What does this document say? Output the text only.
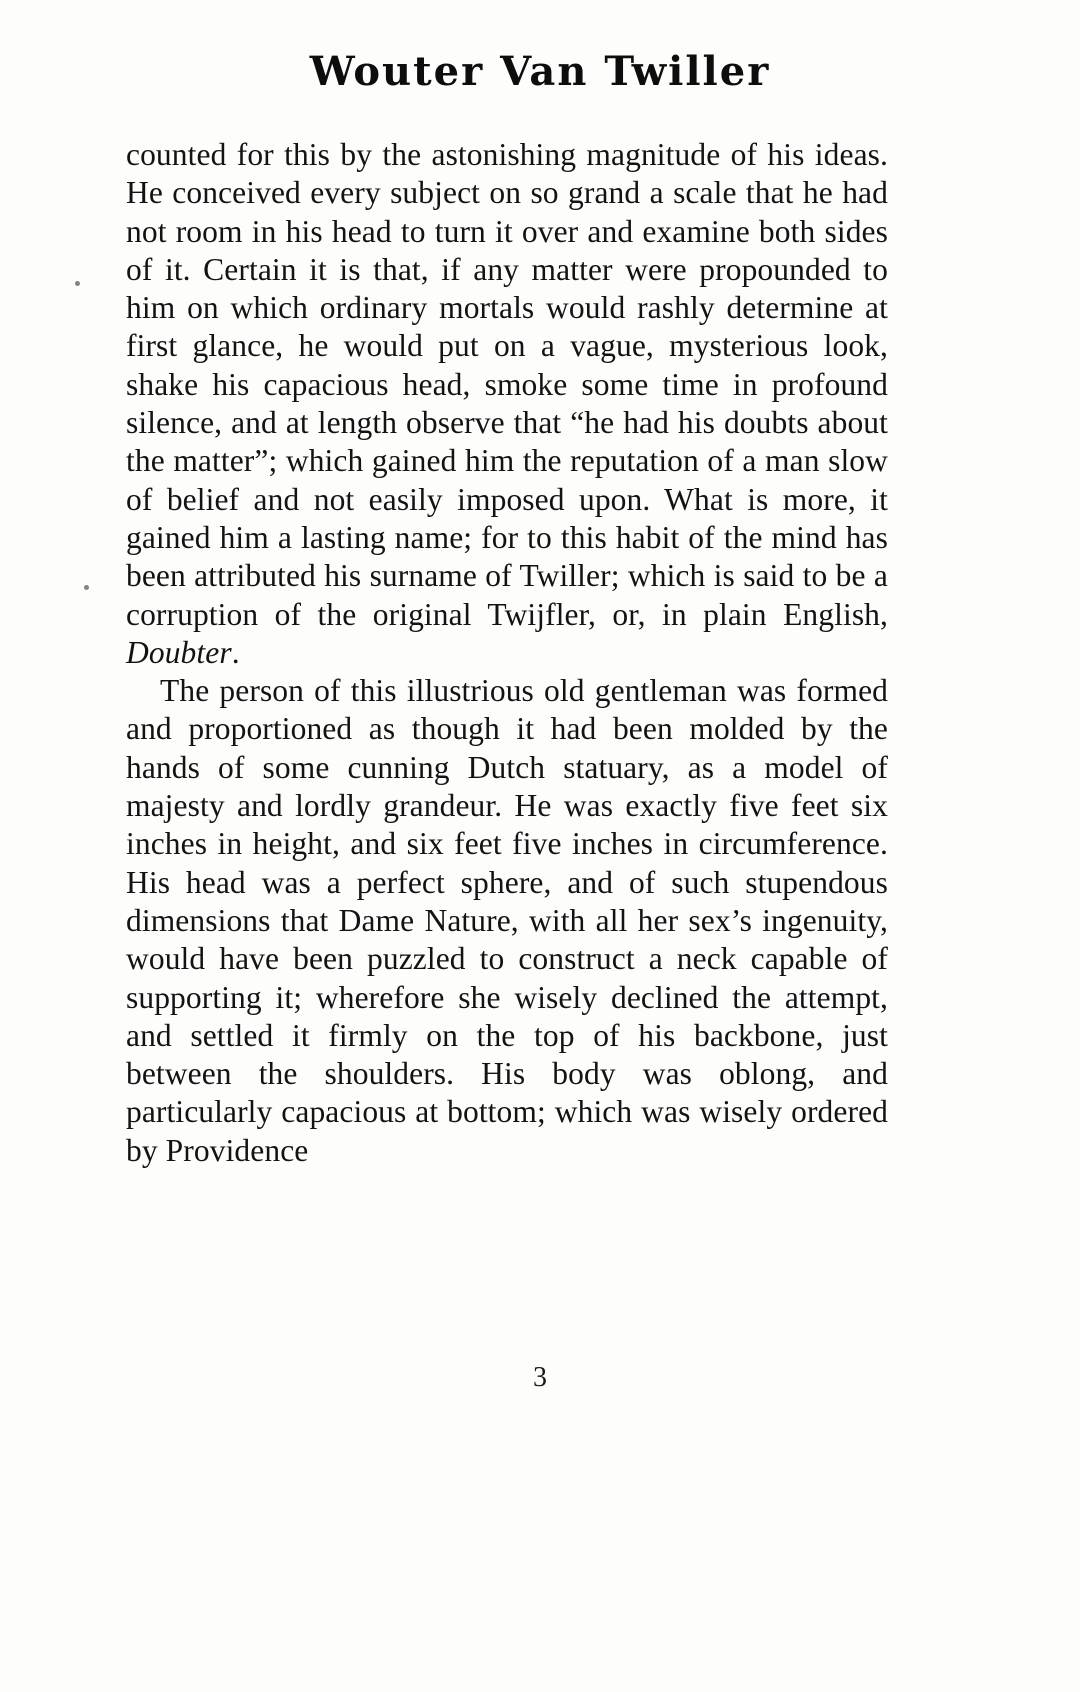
Wouter Van Twiller

counted for this by the astonishing magnitude of his ideas. He conceived every subject on so grand a scale that he had not room in his head to turn it over and examine both sides of it. Certain it is that, if any matter were propounded to him on which ordinary mortals would rashly determine at first glance, he would put on a vague, mysterious look, shake his capacious head, smoke some time in profound silence, and at length observe that “he had his doubts about the matter”; which gained him the reputation of a man slow of belief and not easily imposed upon. What is more, it gained him a lasting name; for to this habit of the mind has been attributed his surname of Twiller; which is said to be a corruption of the original Twijfler, or, in plain English, Doubter.

The person of this illustrious old gentleman was formed and proportioned as though it had been molded by the hands of some cunning Dutch statuary, as a model of majesty and lordly grandeur. He was exactly five feet six inches in height, and six feet five inches in circumference. His head was a perfect sphere, and of such stupendous dimensions that Dame Nature, with all her sex’s ingenuity, would have been puzzled to construct a neck capable of supporting it; wherefore she wisely declined the attempt, and settled it firmly on the top of his backbone, just between the shoulders. His body was oblong, and particularly capacious at bottom; which was wisely ordered by Providence

3
